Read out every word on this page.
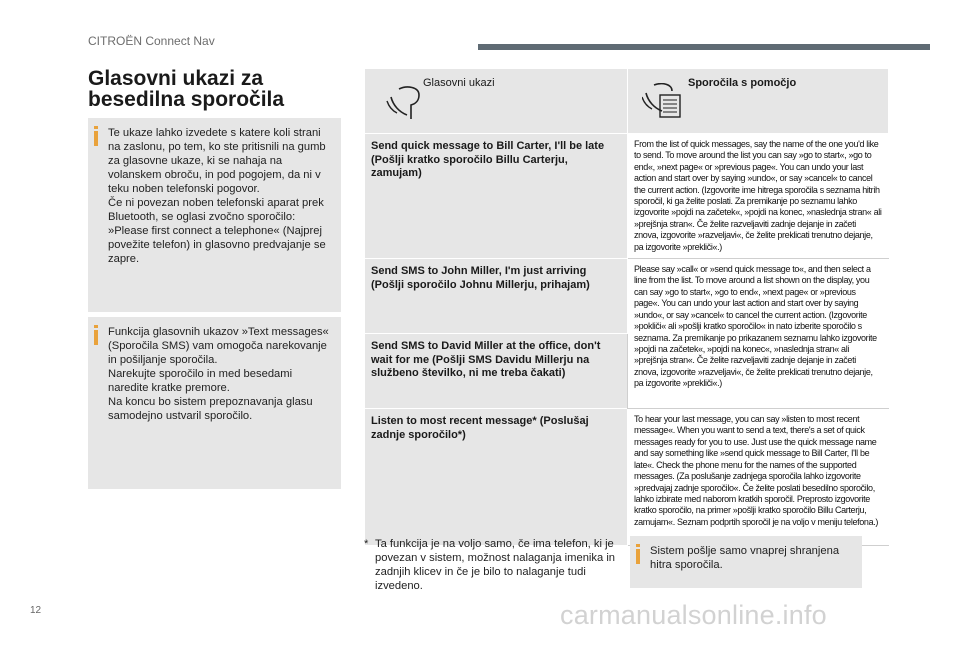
CITROËN Connect Nav
Glasovni ukazi za besedilna sporočila

Te ukaze lahko izvedete s katere koli strani na zaslonu, po tem, ko ste pritisnili na gumb za glasovne ukaze, ki se nahaja na volanskem obroču, in pod pogojem, da ni v teku noben telefonski pogovor.
Če ni povezan noben telefonski aparat prek Bluetooth, se oglasi zvočno sporočilo: »Please first connect a telephone« (Najprej povežite telefon) in glasovno predvajanje se zapre.

Funkcija glasovnih ukazov »Text messages« (Sporočila SMS) vam omogoča narekovanje in pošiljanje sporočila.
Narekujte sporočilo in med besedami naredite kratke premore.
Na koncu bo sistem prepoznavanja glasu samodejno ustvaril sporočilo.

Glasovni ukazi	Sporočila s pomočjo

Send quick message to Bill Carter, I'll be late (Pošlji kratko sporočilo Billu Carterju, zamujam)	From the list of quick messages, say the name of the one you'd like to send. To move around the list you can say »go to start«, »go to end«, »next page« or »previous page«. You can undo your last action and start over by saying »undo«, or say »cancel« to cancel the current action. (Izgovorite ime hitrega sporočila s seznama hitrih sporočil, ki ga želite poslati. Za premikanje po seznamu lahko izgovorite »pojdi na začetek«, »pojdi na konec, »naslednja stran« ali »prejšnja stran«. Če želite razveljaviti zadnje dejanje in začeti znova, izgovorite »razveljavi«, če želite preklicati trenutno dejanje, pa izgovorite »prekliči«.)
Send SMS to John Miller, I'm just arriving (Pošlji sporočilo Johnu Millerju, prihajam)	Please say »call« or »send quick message to«, and then select a line from the list. To move around a list shown on the display, you can say »go to start«, »go to end«, »next page« or »previous page«. You can undo your last action and start over by saying »undo«, or say »cancel« to cancel the current action. (Izgovorite »pokliči« ali »pošlji kratko sporočilo« in nato izberite sporočilo s seznama. Za premikanje po prikazanem seznamu lahko izgovorite »pojdi na začetek«, »pojdi na konec«, »naslednja stran« ali »prejšnja stran«. Če želite razveljaviti zadnje dejanje in začeti znova, izgovorite »razveljavi«, če želite preklicati trenutno dejanje, pa izgovorite »prekliči«.)
Send SMS to David Miller at the office, don't wait for me (Pošlji SMS Davidu Millerju na službeno številko, ni me treba čakati)	
Listen to most recent message* (Poslušaj zadnje sporočilo*)	To hear your last message, you can say »listen to most recent message«. When you want to send a text, there's a set of quick messages ready for you to use. Just use the quick message name and say something like »send quick message to Bill Carter, I'll be late«. Check the phone menu for the names of the supported messages. (Za poslušanje zadnjega sporočila lahko izgovorite »predvajaj zadnje sporočilo«. Če želite poslati besedilno sporočilo, lahko izbirate med naborom kratkih sporočil. Preprosto izgovorite kratko sporočilo, na primer »pošlji kratko sporočilo Billu Carterju, zamujam«. Seznam podprtih sporočil je na voljo v meniju telefona.)
* Ta funkcija je na voljo samo, če ima telefon, ki je povezan v sistem, možnost nalaganja imenika in zadnjih klicev in če je bilo to nalaganje tudi izvedeno.

Sistem pošlje samo vnaprej shranjena hitra sporočila.

12	carmanualsonline.info
